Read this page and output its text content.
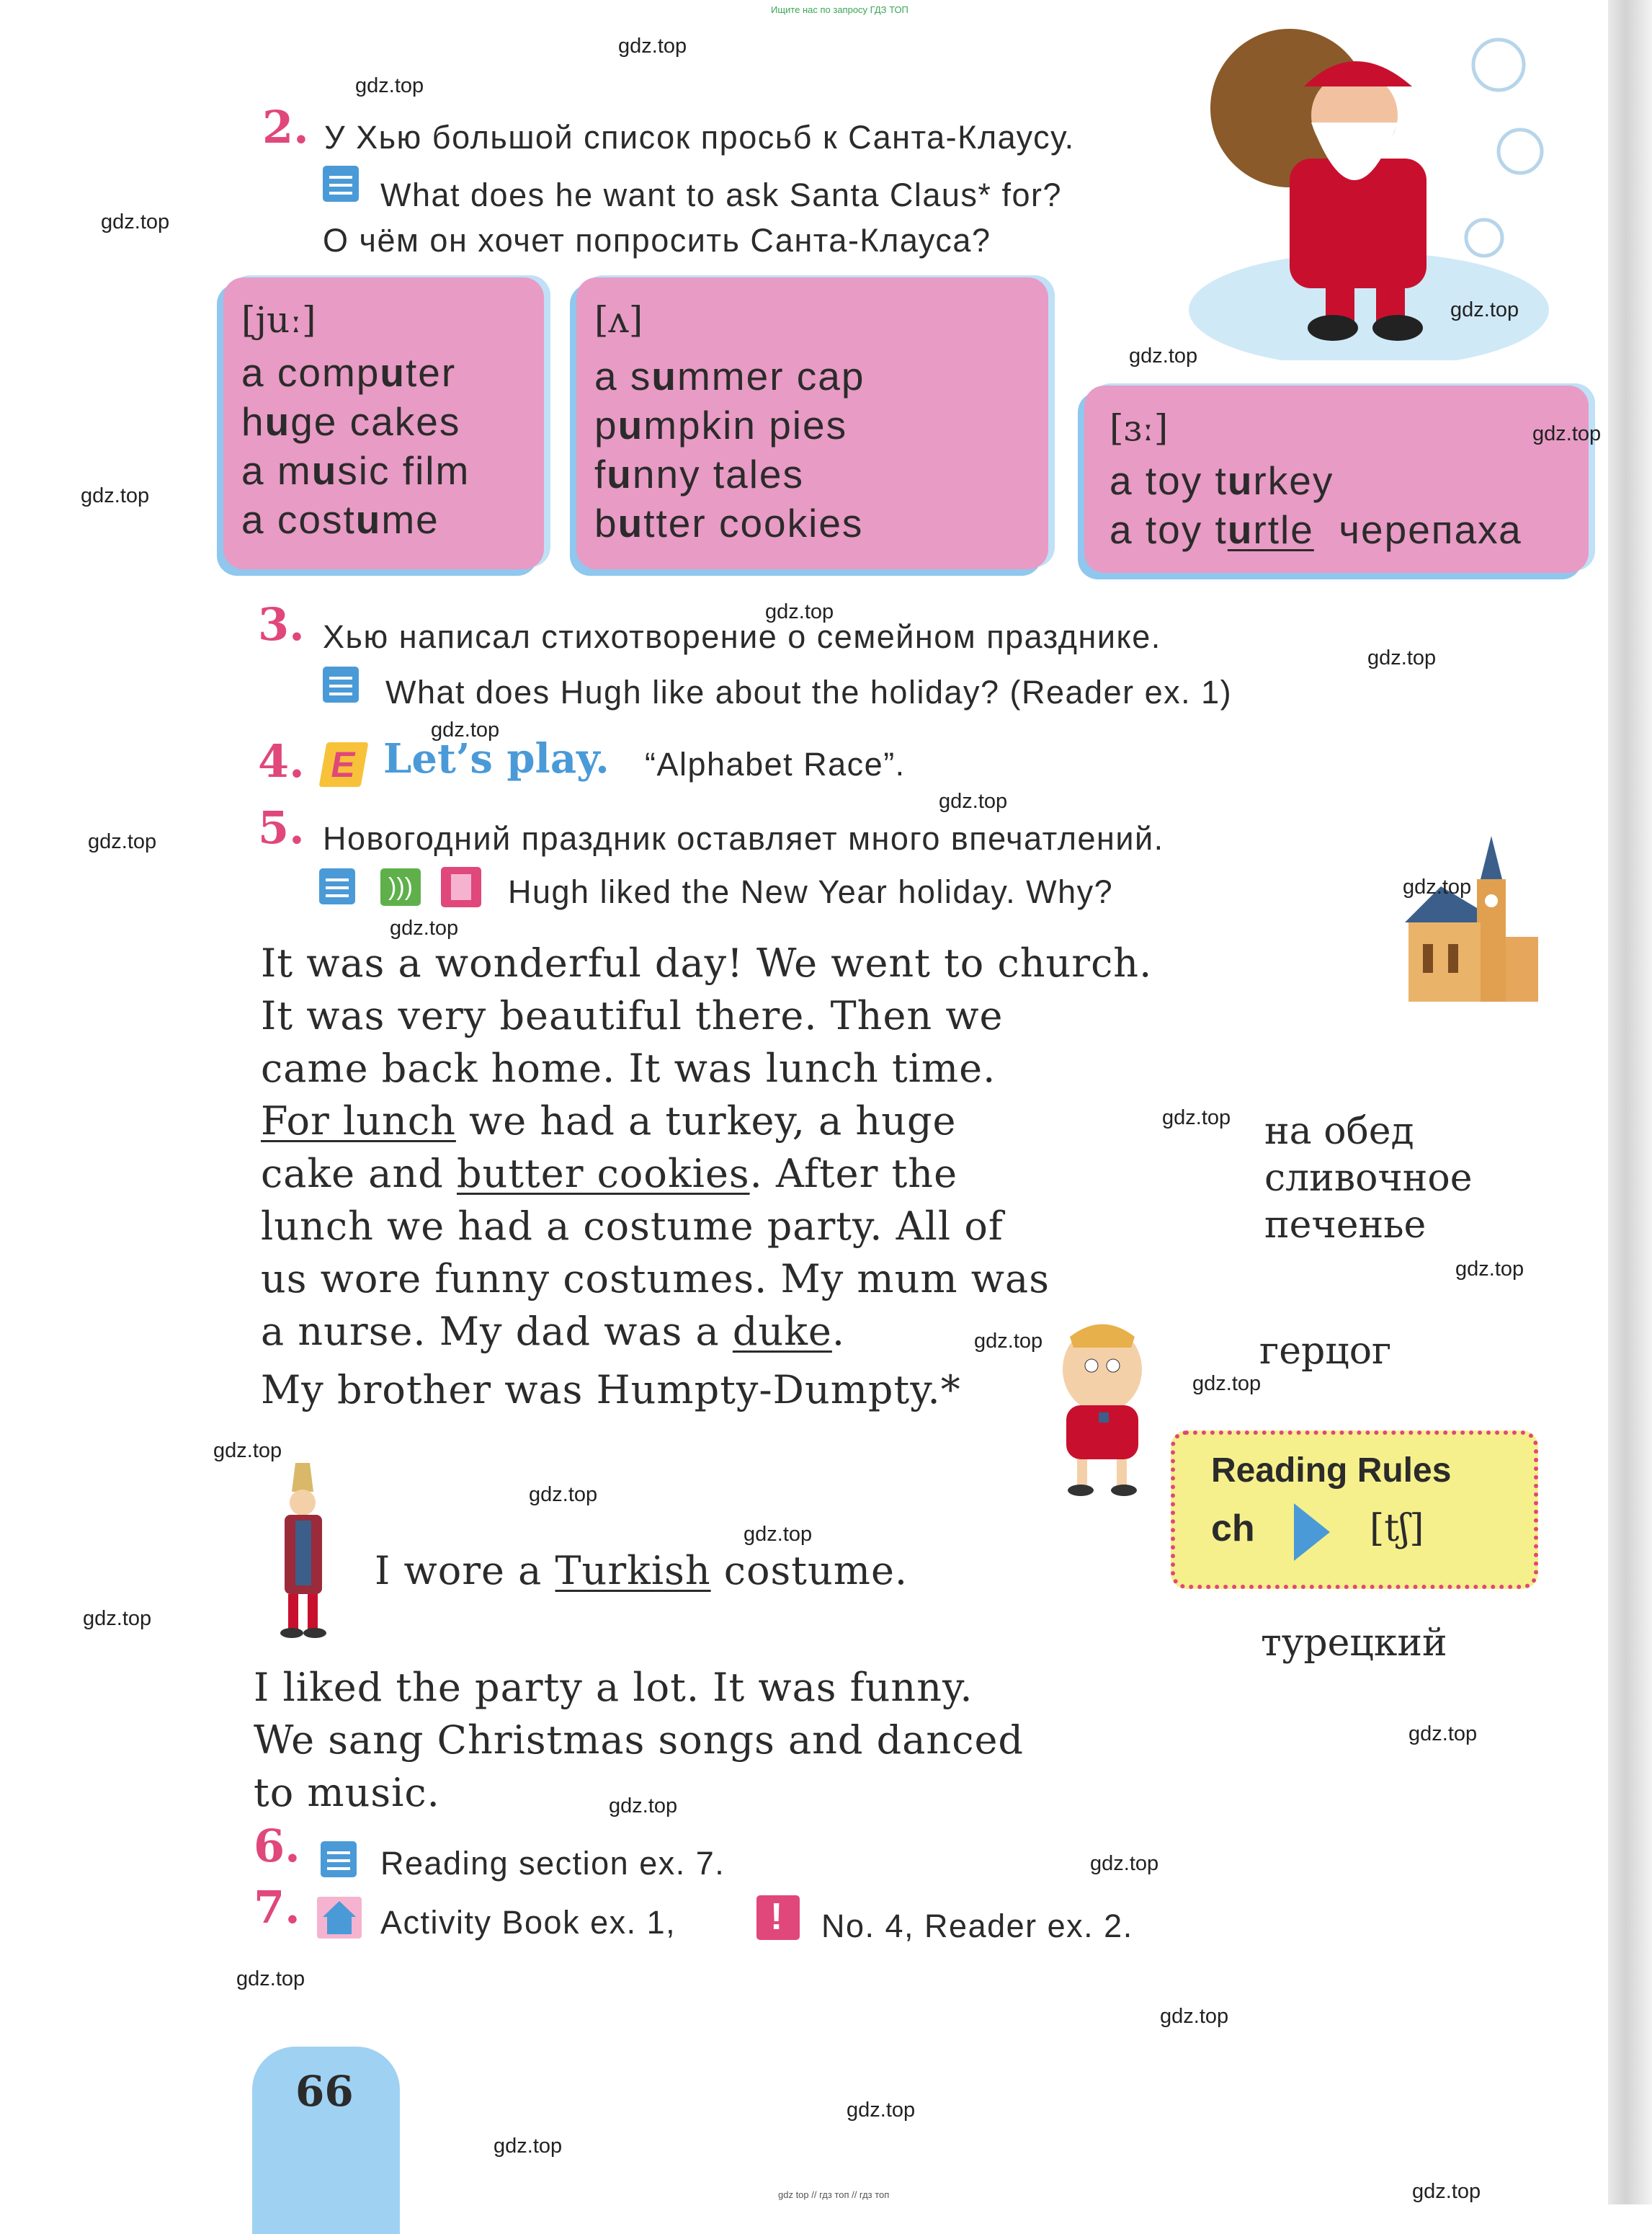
Ищите нас по запросу ГДЗ ТОП
gdz top // гдз топ // гдз топ
2. У Хью большой список просьб к Санта-Клаусу.
What does he want to ask Santa Claus* for?
О чём он хочет попросить Санта-Клауса?
[juː]
a computer
huge cakes
a music film
a costume
[ʌ]
a summer cap
pumpkin pies
funny tales
butter cookies
[ɜː]
a toy turkey
a toy turtle черепаха
3. Хью написал стихотворение о семейном празднике.
What does Hugh like about the holiday? (Reader ex. 1)
4. E Let’s play. “Alphabet Race”.
5. Новогодний праздник оставляет много впечатлений.
)))	Hugh liked the New Year holiday. Why?
It was a wonderful day! We went to church.
It was very beautiful there. Then we
came back home. It was lunch time.
For lunch we had a turkey, a huge
cake and butter cookies. After the
lunch we had a costume party. All of
us wore funny costumes. My mum was
a nurse. My dad was a duke.
My brother was Humpty-Dumpty.*
I wore a Turkish costume.
I liked the party a lot. It was funny.
We sang Christmas songs and danced
to music.
на обед
сливочное
печенье
герцог
турецкий
Reading Rules
ch	[tʃ]
6. Reading section ex. 7.
7. Activity Book ex. 1,	! No. 4, Reader ex. 2.
66
gdz.top
gdz.top
gdz.top
gdz.top
gdz.top
gdz.top
gdz.top
gdz.top
gdz.top
gdz.top
gdz.top
gdz.top
gdz.top
gdz.top
gdz.top
gdz.top
gdz.top
gdz.top
gdz.top
gdz.top
gdz.top
gdz.top
gdz.top
gdz.top
gdz.top
gdz.top
gdz.top
gdz.top
gdz.top
gdz.top
